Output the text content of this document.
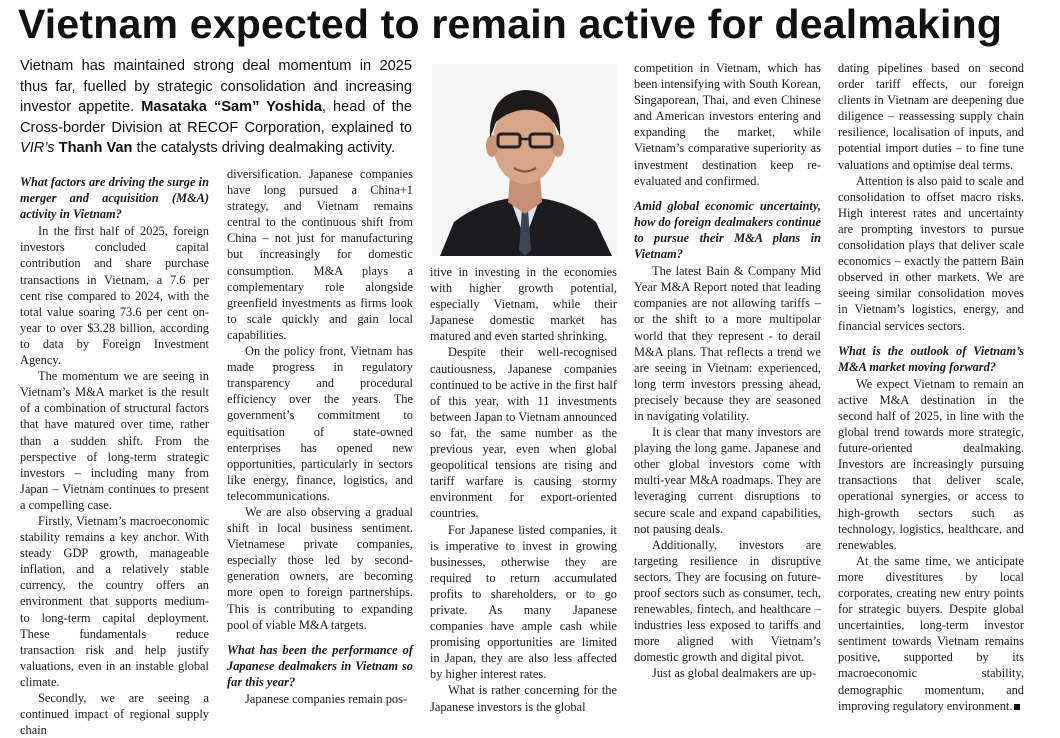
Vietnam expected to remain active for dealmaking
Vietnam has maintained strong deal momentum in 2025 thus far, fuelled by strategic consolidation and increasing investor appetite. Masataka “Sam” Yoshida, head of the Cross-border Division at RECOF Corporation, explained to VIR’s Thanh Van the catalysts driving dealmaking activity.

What factors are driving the surge in merger and acquisition (M&A) activity in Vietnam?

In the first half of 2025, foreign investors concluded capital contribution and share purchase transactions in Vietnam, a 7.6 per cent rise compared to 2024, with the total value soaring 73.6 per cent on-year to over $3.28 billion, according to data by Foreign Investment Agency.

The momentum we are seeing in Vietnam’s M&A market is the result of a combination of structural factors that have matured over time, rather than a sudden shift. From the perspective of long-term strategic investors – including many from Japan – Vietnam continues to present a compelling case.

Firstly, Vietnam’s macroeconomic stability remains a key anchor. With steady GDP growth, manageable inflation, and a relatively stable currency, the country offers an environment that supports medium- to long-term capital deployment. These fundamentals reduce transaction risk and help justify valuations, even in an instable global climate.

Secondly, we are seeing a continued impact of regional supply chain

diversification. Japanese companies have long pursued a China+1 strategy, and Vietnam remains central to the continuous shift from China – not just for manufacturing but increasingly for domestic consumption. M&A plays a complementary role alongside greenfield investments as firms look to scale quickly and gain local capabilities.

On the policy front, Vietnam has made progress in regulatory transparency and procedural efficiency over the years. The government’s commitment to equitisation of state-owned enterprises has opened new opportunities, particularly in sectors like energy, finance, logistics, and telecommunications.

We are also observing a gradual shift in local business sentiment. Vietnamese private companies, especially those led by second-generation owners, are becoming more open to foreign partnerships. This is contributing to expanding pool of viable M&A targets.

What has been the performance of Japanese dealmakers in Vietnam so far this year?

Japanese companies remain pos-

itive in investing in the economies with higher growth potential, especially Vietnam, while their Japanese domestic market has matured and even started shrinking.

Despite their well-recognised cautiousness, Japanese companies continued to be active in the first half of this year, with 11 investments between Japan to Vietnam announced so far, the same number as the previous year, even when global geopolitical tensions are rising and tariff warfare is causing stormy environment for export-oriented countries.

For Japanese listed companies, it is imperative to invest in growing businesses, otherwise they are required to return accumulated profits to shareholders, or to go private. As many Japanese companies have ample cash while promising opportunities are limited in Japan, they are also less affected by higher interest rates.

What is rather concerning for the Japanese investors is the global

competition in Vietnam, which has been intensifying with South Korean, Singaporean, Thai, and even Chinese and American investors entering and expanding the market, while Vietnam’s comparative superiority as investment destination keep re-evaluated and confirmed.

Amid global economic uncertainty, how do foreign dealmakers continue to pursue their M&A plans in Vietnam?

The latest Bain & Company Mid Year M&A Report noted that leading companies are not allowing tariffs – or the shift to a more multipolar world that they represent - to derail M&A plans. That reflects a trend we are seeing in Vietnam: experienced, long term investors pressing ahead, precisely because they are seasoned in navigating volatility.

It is clear that many investors are playing the long game. Japanese and other global investors come with multi-year M&A roadmaps. They are leveraging current disruptions to secure scale and expand capabilities, not pausing deals.

Additionally, investors are targeting resilience in disruptive sectors. They are focusing on future-proof sectors such as consumer, tech, renewables, fintech, and healthcare – industries less exposed to tariffs and more aligned with Vietnam’s domestic growth and digital pivot.

Just as global dealmakers are up-

dating pipelines based on second order tariff effects, our foreign clients in Vietnam are deepening due diligence – reassessing supply chain resilience, localisation of inputs, and potential import duties – to fine tune valuations and optimise deal terms.

Attention is also paid to scale and consolidation to offset macro risks. High interest rates and uncertainty are prompting investors to pursue consolidation plays that deliver scale economics – exactly the pattern Bain observed in other markets. We are seeing similar consolidation moves in Vietnam’s logistics, energy, and financial services sectors.

What is the outlook of Vietnam’s M&A market moving forward?

We expect Vietnam to remain an active M&A destination in the second half of 2025, in line with the global trend towards more strategic, future-oriented dealmaking. Investors are increasingly pursuing transactions that deliver scale, operational synergies, or access to high-growth sectors such as technology, logistics, healthcare, and renewables.

At the same time, we anticipate more divestitures by local corporates, creating new entry points for strategic buyers. Despite global uncertainties, long-term investor sentiment towards Vietnam remains positive, supported by its macroeconomic stability, demographic momentum, and improving regulatory environment.
